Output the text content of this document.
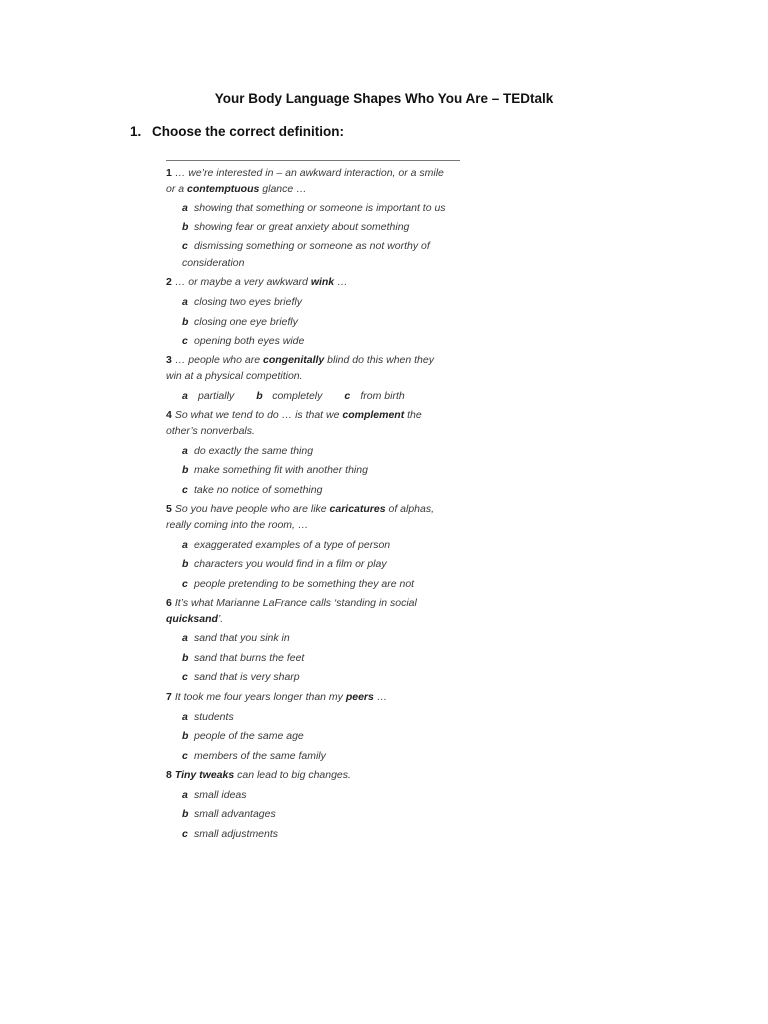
Your Body Language Shapes Who You Are – TEDtalk
1. Choose the correct definition:
1 … we’re interested in – an awkward interaction, or a smile
or a contemptuous glance …
a showing that something or someone is important to us
b showing fear or great anxiety about something
c dismissing something or someone as not worthy of
consideration
2 … or maybe a very awkward wink …
a closing two eyes briefly
b closing one eye briefly
c opening both eyes wide
3 … people who are congenitally blind do this when they
win at a physical competition.
a partially b completely c from birth
4 So what we tend to do … is that we complement the
other’s nonverbals.
a do exactly the same thing
b make something fit with another thing
c take no notice of something
5 So you have people who are like caricatures of alphas,
really coming into the room, …
a exaggerated examples of a type of person
b characters you would find in a film or play
c people pretending to be something they are not
6 It’s what Marianne LaFrance calls ‘standing in social
quicksand’.
a sand that you sink in
b sand that burns the feet
c sand that is very sharp
7 It took me four years longer than my peers …
a students
b people of the same age
c members of the same family
8 Tiny tweaks can lead to big changes.
a small ideas
b small advantages
c small adjustments
